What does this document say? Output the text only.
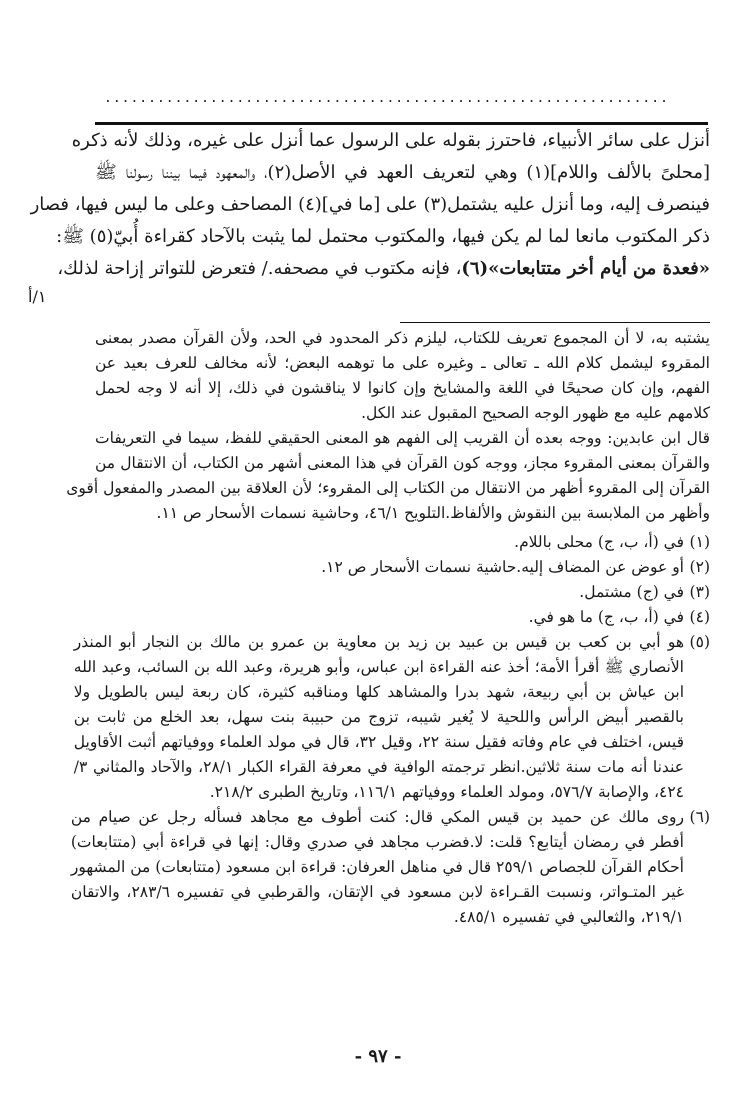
................................................................
أنزل على سائر الأنبياء، فاحترز بقوله على الرسول عما أنزل على غيره، وذلك لأنه ذكره
[محلىً بالألف واللام](١) وهي لتعريف العهد في الأصل(٢)، والمعهود فيما بيننا رسولنا ﷺ
فينصرف إليه، وما أنزل عليه يشتمل(٣) على [ما في](٤) المصاحف وعلى ما ليس فيها، فصار
ذكر المكتوب مانعا لما لم يكن فيها، والمكتوب محتمل لما يثبت بالآحاد كقراءة أُبيّ(٥) ﷺ:
«فعدة من أيام أخر متتابعات»(٦)، فإنه مكتوب في مصحفه./ فتعرض للتواتر إزاحة لذلك،
١/أ
يشتبه به، لا أن المجموع تعريف للكتاب، ليلزم ذكر المحدود في الحد، ولأن القرآن مصدر بمعنى
المقروء ليشمل كلام الله ـ تعالى ـ وغيره على ما توهمه البعض؛ لأنه مخالف للعرف بعيد عن
الفهم، وإن كان صحيحًا في اللغة والمشايخ وإن كانوا لا يناقشون في ذلك، إلا أنه لا وجه لحمل
كلامهم عليه مع ظهور الوجه الصحيح المقبول عند الكل.
قال ابن عابدين: ووجه بعده أن القريب إلى الفهم هو المعنى الحقيقي للفظ، سيما في التعريفات
والقرآن بمعنى المقروء مجاز، ووجه كون القرآن في هذا المعنى أشهر من الكتاب، أن الانتقال من
القرآن إلى المقروء أظهر من الانتقال من الكتاب إلى المقروء؛ لأن العلاقة بين المصدر والمفعول أقوى
وأظهر من الملابسة بين النقوش والألفاظ.التلويح ٤٦/١، وحاشية نسمات الأسحار ص ١١.
(١)
في (أ، ب، ج) محلى باللام.
(٢)
أو عوض عن المضاف إليه.حاشية نسمات الأسحار ص ١٢.
(٣)
في (ج) مشتمل.
(٤)
في (أ، ب، ج) ما هو في.
(٥)
هو أبي بن كعب بن قيس بن عبيد بن زيد بن معاوية بن عمرو بن مالك بن النجار أبو المنذر
الأنصاري ﷺ أقرأ الأمة؛ أخذ عنه القراءة ابن عباس، وأبو هريرة، وعبد الله بن السائب، وعبد الله
ابن عياش بن أبي ربيعة، شهد بدرا والمشاهد كلها ومناقبه كثيرة، كان ربعة ليس بالطويل ولا
بالقصير أبيض الرأس واللحية لا يُغير شيبه، تزوج من حبيبة بنت سهل، بعد الخلع من ثابت بن
قيس، اختلف في عام وفاته فقيل سنة ٢٢، وقيل ٣٢، قال في مولد العلماء ووفياتهم أثبت الأقاويل
عندنا أنه مات سنة ثلاثين.انظر ترجمته الوافية في معرفة القراء الكبار ٢٨/١، والآحاد والمثاني ٣/
٤٢٤، والإصابة ٥٧٦/٧، ومولد العلماء ووفياتهم ١١٦/١، وتاريخ الطبرى ٢١٨/٢.
(٦)
روى مالك عن حميد بن قيس المكي قال: كنت أطوف مع مجاهد فسأله رجل عن صيام من
أفطر في رمضان أيتابع؟ قلت: لا.فضرب مجاهد في صدري وقال: إنها في قراءة أبي (متتابعات)
أحكام القرآن للجصاص ٢٥٩/١ قال في مناهل العرفان: قراءة ابن مسعود (متتابعات) من المشهور
غير المتـواتر، ونسبت القـراءة لابن مسعود في الإتقان، والقرطبي في تفسيره ٢٨٣/٦، والاتقان
٢١٩/١، والثعالبي في تفسيره ٤٨٥/١.
- ٩٧ -
